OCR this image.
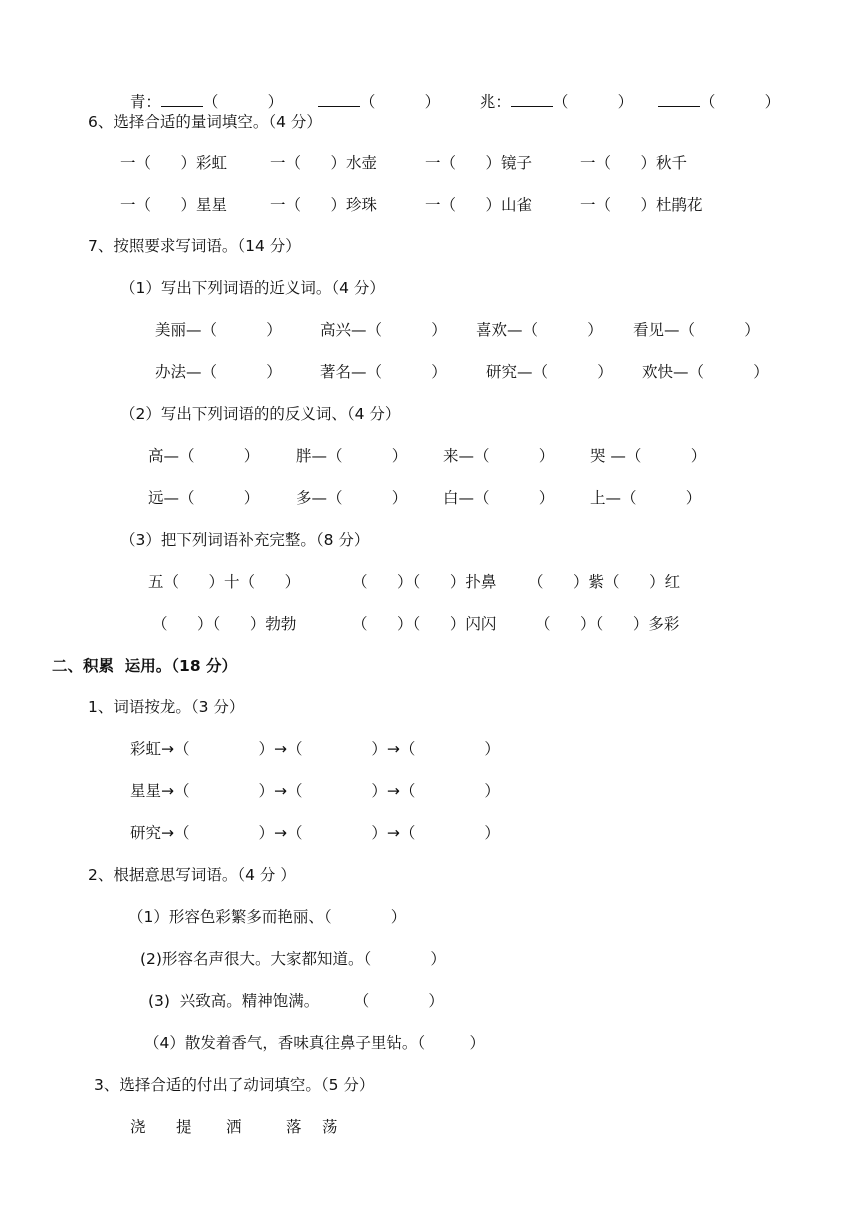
青：	（          ）	（          ）	兆：	（          ）	（          ）

6、选择合适的量词填空。（4 分）
一（      ）彩虹	一（      ）水壶	一（      ）镜子	一（      ）秋千
一（      ）星星	一（      ）珍珠	一（      ）山雀	一（      ）杜鹃花
7、按照要求写词语。（14 分）
（1）写出下列词语的近义词。（4 分）
美丽—（          ） 高兴—（          ） 喜欢—（          ） 看见—（          ）
办法—（          ） 著名—（          ）	研究—（          ） 欢快—（          ）
（2）写出下列词语的的反义词、（4 分）
高—（          ） 胖—（          ） 来—（          ） 哭 —（          ）
远—（          ） 多—（          ） 白—（          ） 上—（          ）
（3）把下列词语补充完整。（8 分）
五（      ）十（      ）	（      ）（      ）扑鼻 （      ）紫（      ）红
（      ）（      ）勃勃	（      ）（      ）闪闪 （      ）（      ）多彩
二、积累  运用。（18 分）
1、词语按龙。（3 分）
彩虹→（              ）→（              ）→（              ）
星星→（              ）→（              ）→（              ）
研究→（              ）→（              ）→（              ）
2、根据意思写词语。（4 分 ）
（1）形容色彩繁多而艳丽、（            ）
(2)形容名声很大。大家都知道。（            ）
(3)  兴致高。精神饱满。       （            ）
（4）散发着香气，香味真往鼻子里钻。（         ）
3、选择合适的付出了动词填空。（5 分）
浇 提 洒	落 荡
